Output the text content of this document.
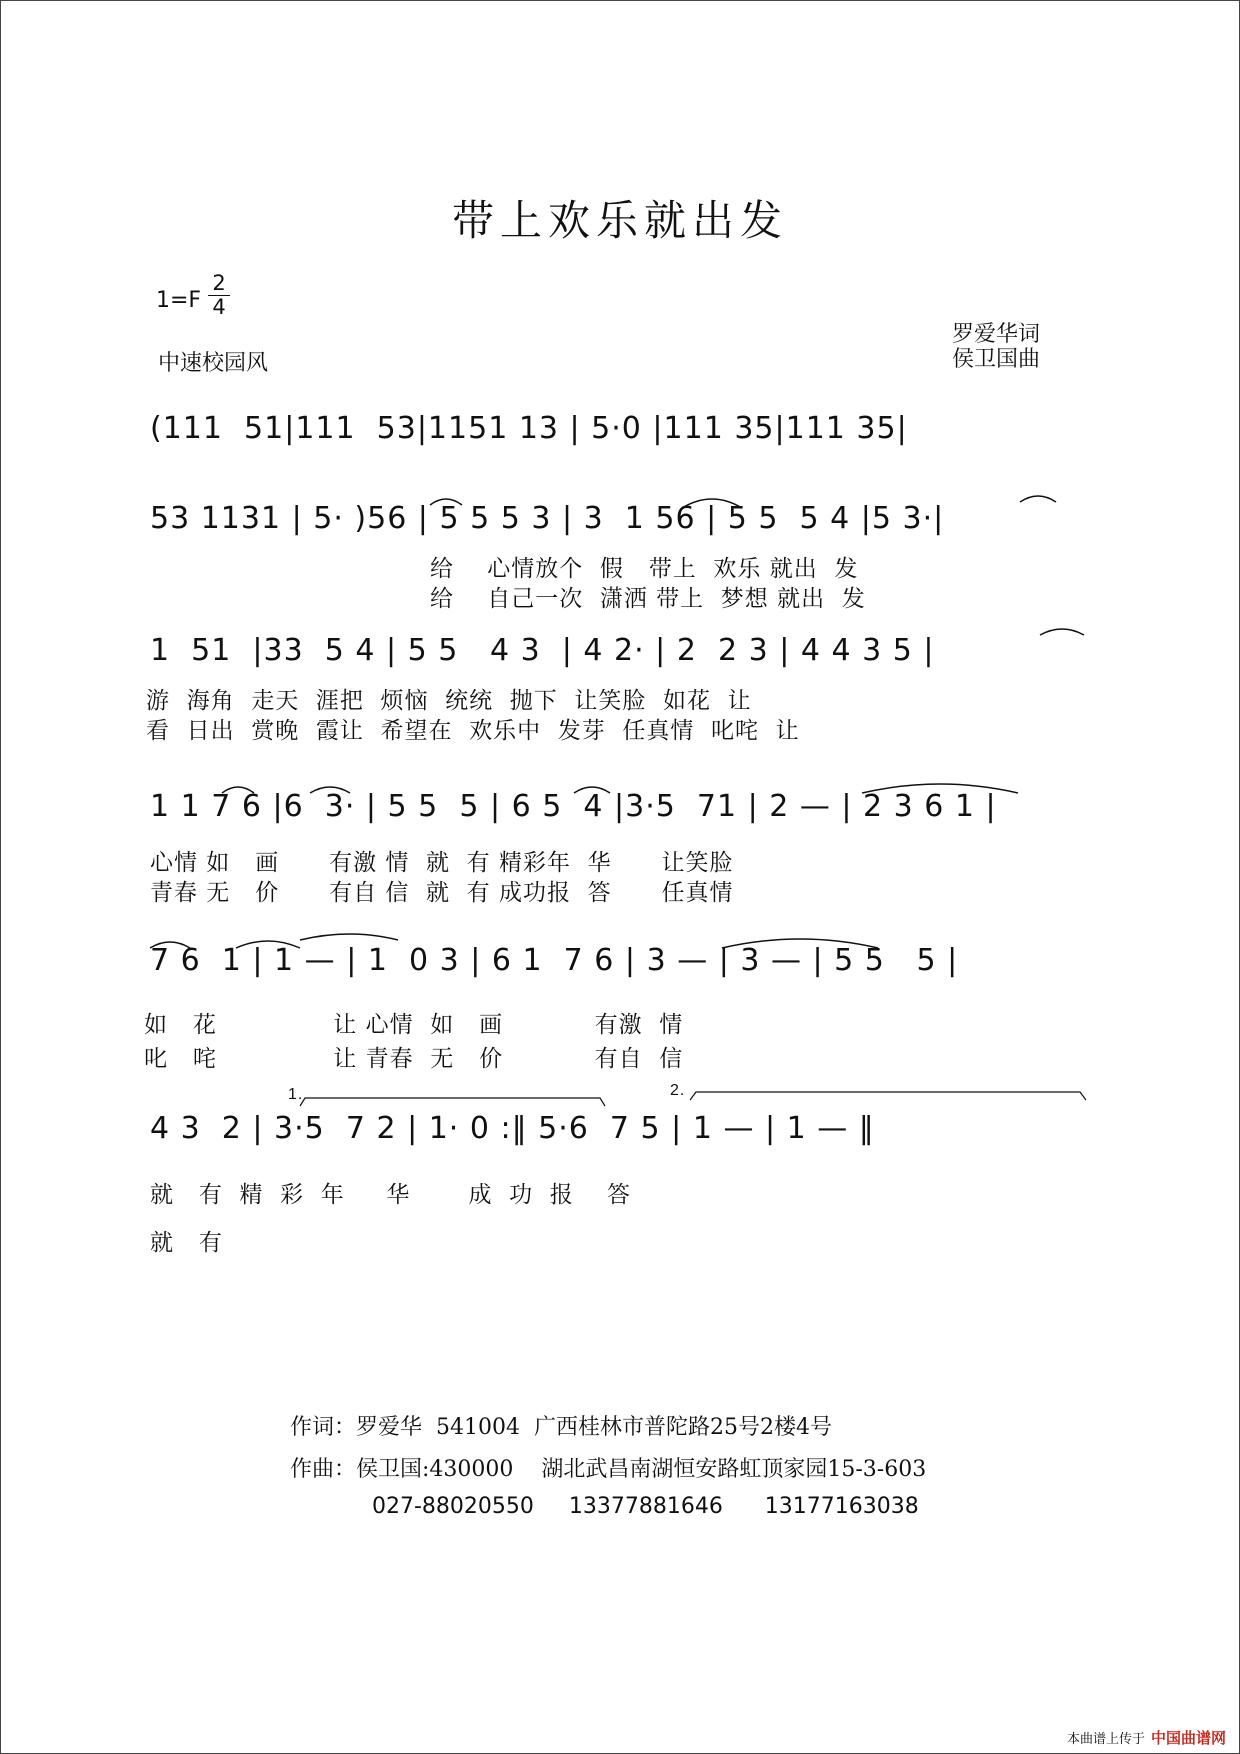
带上欢乐就出发
1=F
2
4
中速校园风
罗爱华词
侯卫国曲
(111  51|111  53|1151 13 | 5·0 |111 35|111 35|
53 1131 | 5· )56 | 5 5 5 3 | 3  1 56 | 5 5  5 4 |5 3·|
给    心情放个  假   带上  欢乐 就出  发
给    自己一次  潇洒 带上  梦想 就出  发
1  51  |33  5 4 | 5 5   4 3  | 4 2· | 2  2 3 | 4 4 3 5 |
游  海角  走天  涯把  烦恼  统统  抛下  让笑脸  如花  让
看  日出  赏晚  霞让  希望在  欢乐中  发芽  任真情  叱咤  让
1 1 7 6 |6  3· | 5 5  5 | 6 5  4 |3·5  71 | 2 — | 2 3 6 1 |
心情 如   画      有激 情  就  有 精彩年  华      让笑脸
青春 无   价      有自 信  就  有 成功报  答      任真情
7 6  1 | 1 — | 1  0 3 | 6 1  7 6 | 3 — | 3 — | 5 5   5 |
如   花              让 心情  如   画           有激  情
叱   咤              让 青春  无   价           有自  信
1.	2.
4 3  2 | 3·5  7 2 | 1· 0 :‖ 5·6  7 5 | 1 — | 1 — ‖
就   有  精  彩  年     华       成  功  报    答
就   有
作词：罗爱华  541004  广西桂林市普陀路25号2楼4号
作曲：侯卫国:430000    湖北武昌南湖恒安路虹顶家园15-3-603
027-88020550     13377881646      13177163038
本曲谱上传于 中国曲谱网
